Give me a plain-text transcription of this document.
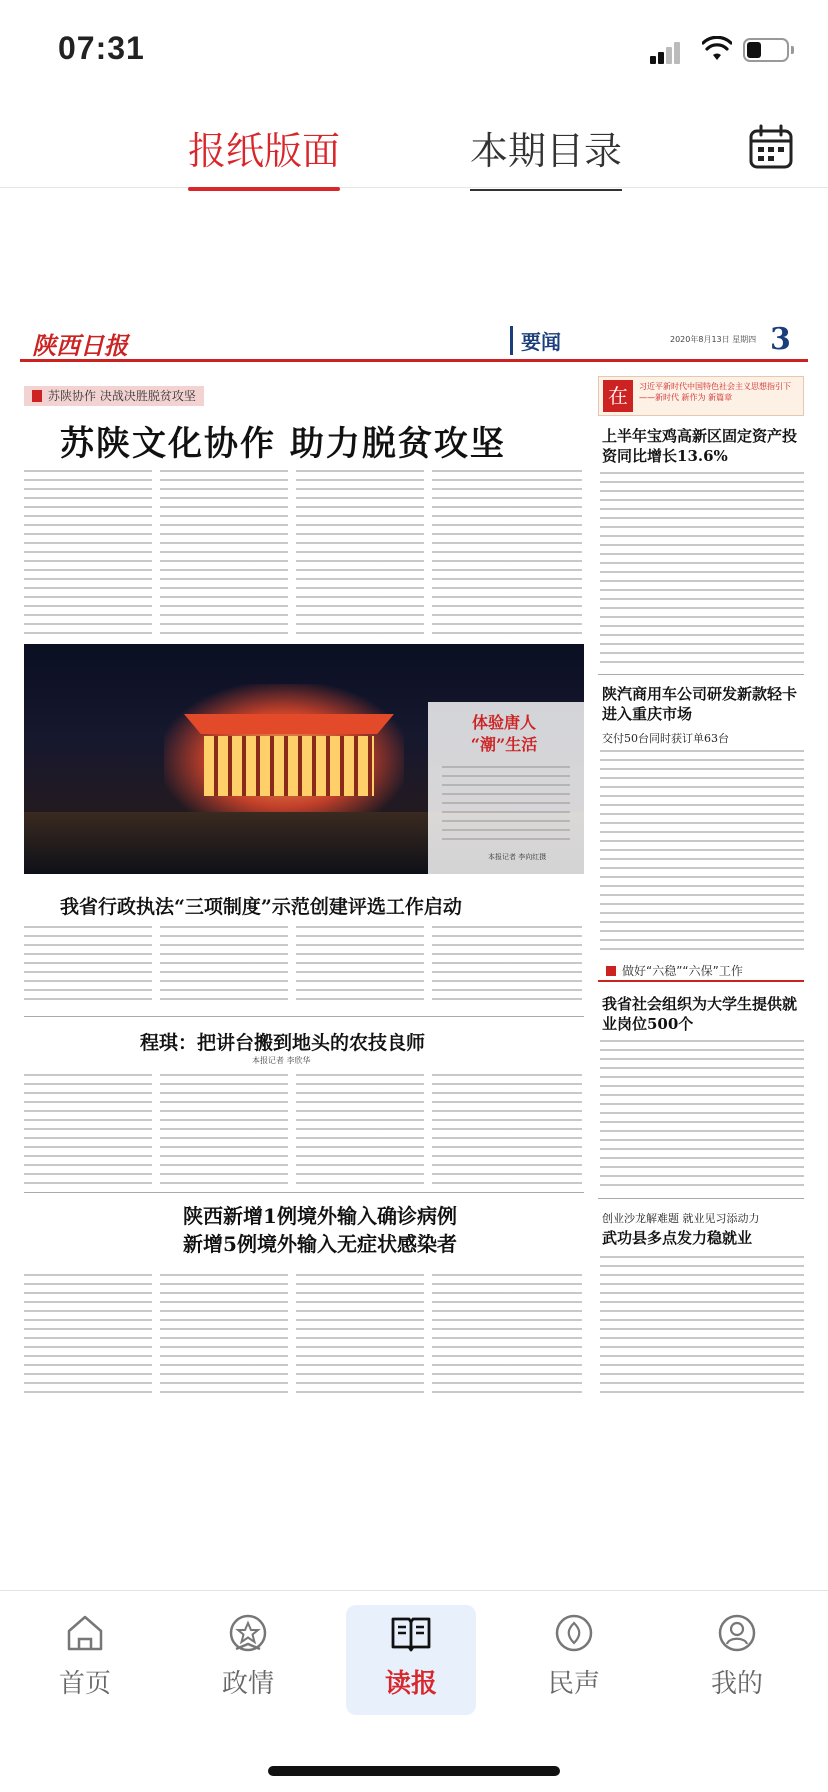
07:31
报纸版面	本期目录
陕西日报	要闻	2020年8月13日 星期四 3
苏陕协作 决战决胜脱贫攻坚
苏陕文化协作 助力脱贫攻坚
体验唐人
“潮”生活
本报记者 李向红摄
我省行政执法“三项制度”示范创建评选工作启动
程琪：把讲台搬到地头的农技良师
本报记者 李欣华
陕西新增1例境外输入确诊病例
新增5例境外输入无症状感染者
在	习近平新时代中国特色社会主义思想指引下——新时代 新作为 新篇章
上半年宝鸡高新区固定资产投资同比增长13.6%
陕汽商用车公司研发新款轻卡进入重庆市场
交付50台同时获订单63台
做好“六稳”“六保”工作
我省社会组织为大学生提供就业岗位500个
创业沙龙解难题 就业见习添动力
武功县多点发力稳就业
首页	政情	读报	民声	我的
